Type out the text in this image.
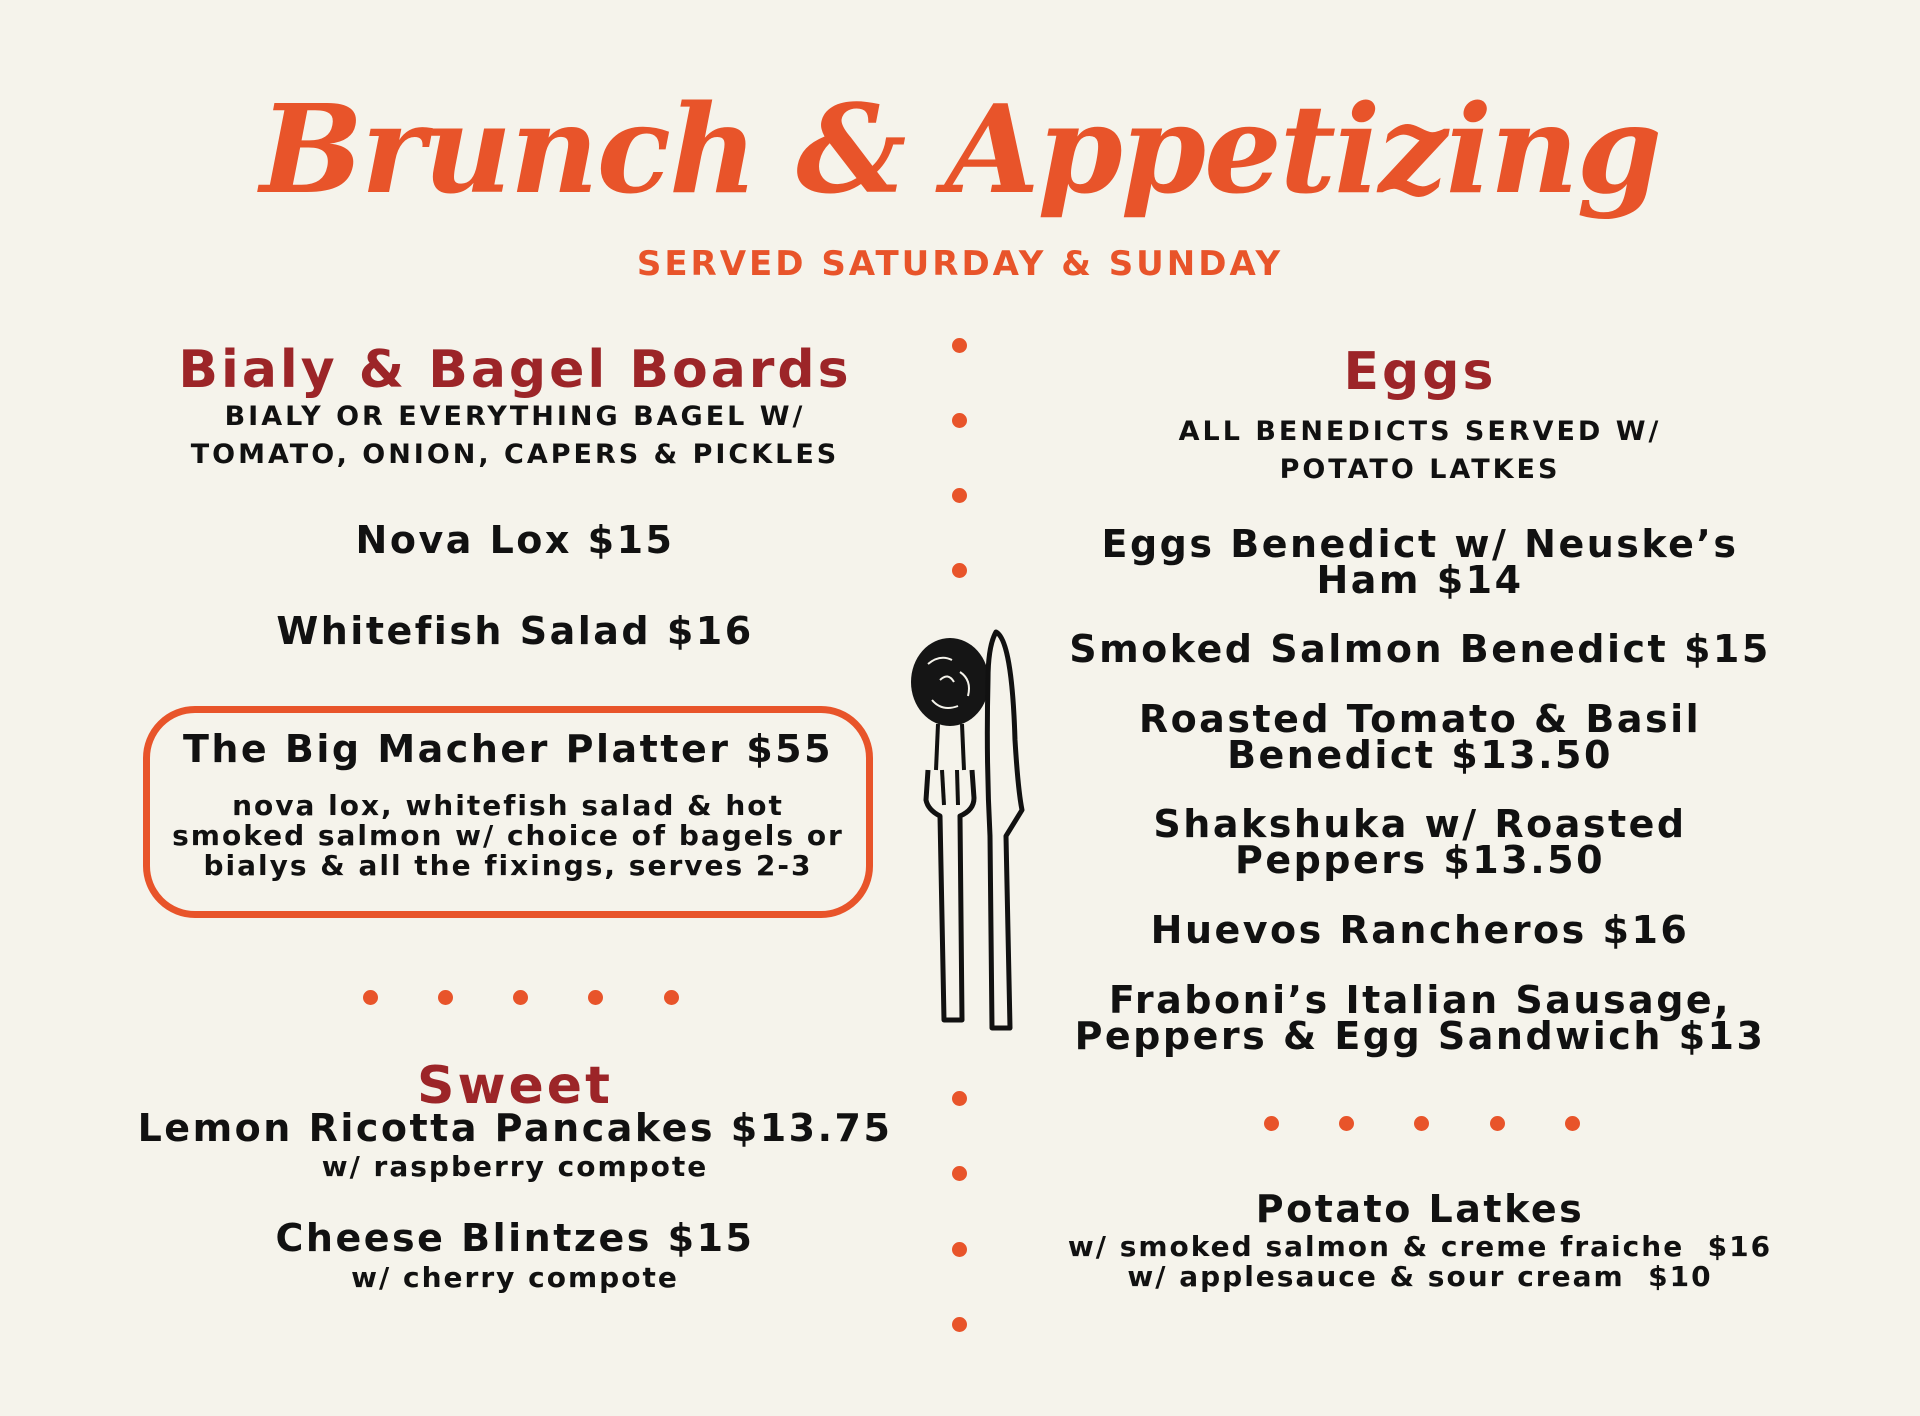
Brunch & Appetizing
SERVED SATURDAY & SUNDAY
Bialy & Bagel Boards
BIALY OR EVERYTHING BAGEL W/
TOMATO, ONION, CAPERS & PICKLES
Nova Lox $15
Whitefish Salad $16
The Big Macher Platter $55
nova lox, whitefish salad & hot
smoked salmon w/ choice of bagels or
bialys & all the fixings, serves 2-3
Sweet
Lemon Ricotta Pancakes $13.75
w/ raspberry compote
Cheese Blintzes $15
w/ cherry compote
Eggs
ALL BENEDICTS SERVED W/
POTATO LATKES
Eggs Benedict w/ Neuske’s
Ham $14
Smoked Salmon Benedict $15
Roasted Tomato & Basil
Benedict $13.50
Shakshuka w/ Roasted
Peppers $13.50
Huevos Rancheros $16
Fraboni’s Italian Sausage,
Peppers & Egg Sandwich $13
Potato Latkes
w/ smoked salmon & creme fraiche  $16
w/ applesauce & sour cream  $10
